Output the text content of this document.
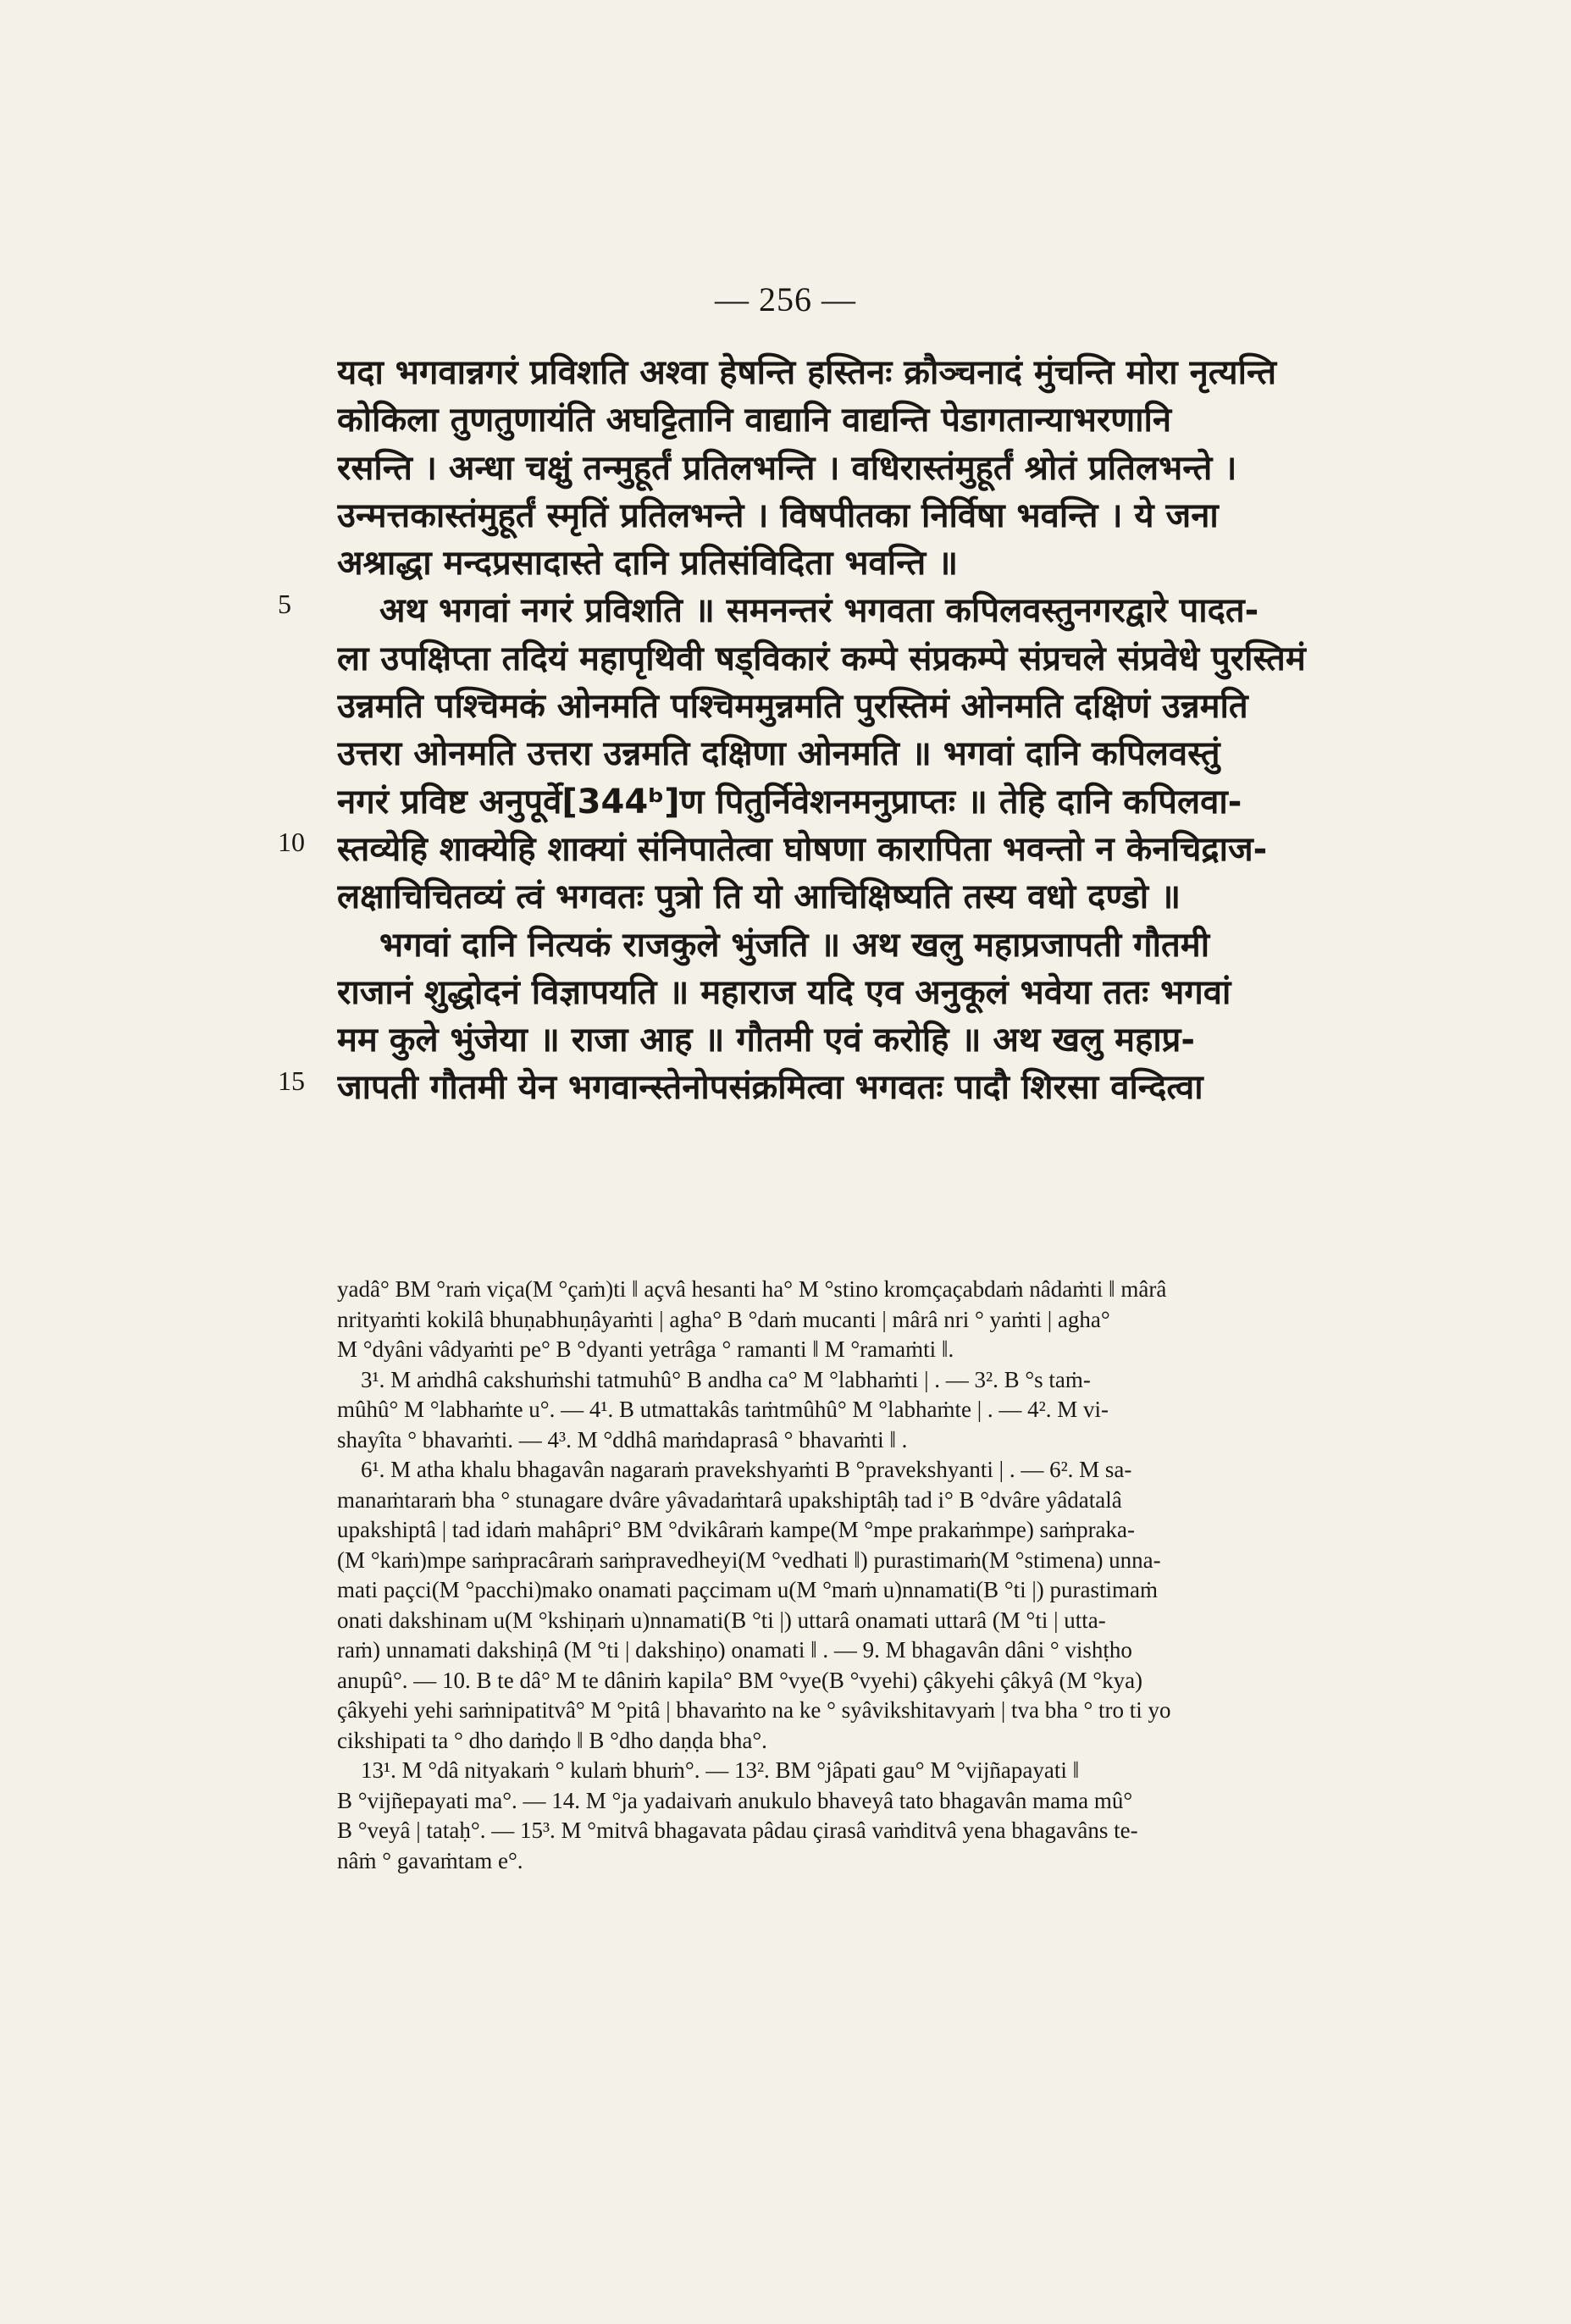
— 256 —
5
10
15
यदा भगवान्नगरं प्रविशति अश्वा हेषन्ति हस्तिनः क्रौञ्चनादं मुंचन्ति मोरा नृत्यन्ति
कोकिला तुणतुणायंति अघट्टितानि वाद्यानि वाद्यन्ति पेडागतान्याभरणानि
रसन्ति । अन्धा चक्षुं तन्मुहूर्तं प्रतिलभन्ति । वधिरास्तंमुहूर्तं श्रोतं प्रतिलभन्ते ।
उन्मत्तकास्तंमुहूर्तं स्मृतिं प्रतिलभन्ते । विषपीतका निर्विषा भवन्ति । ये जना
अश्राद्धा मन्दप्रसादास्ते दानि प्रतिसंविदिता भवन्ति ॥
अथ भगवां नगरं प्रविशति ॥ समनन्तरं भगवता कपिलवस्तुनगरद्वारे पादत-
ला उपक्षिप्ता तदियं महापृथिवी षड्विकारं कम्पे संप्रकम्पे संप्रचले संप्रवेधे पुरस्तिमं
उन्नमति पश्चिमकं ओनमति पश्चिममुन्नमति पुरस्तिमं ओनमति दक्षिणं उन्नमति
उत्तरा ओनमति उत्तरा उन्नमति दक्षिणा ओनमति ॥ भगवां दानि कपिलवस्तुं
नगरं प्रविष्ट अनुपूर्वे[344ᵇ]ण पितुर्निवेशनमनुप्राप्तः ॥ तेहि दानि कपिलवा-
स्तव्येहि शाक्येहि शाक्यां संनिपातेत्वा घोषणा कारापिता भवन्तो न केनचिद्राज-
लक्षाचिचितव्यं त्वं भगवतः पुत्रो ति यो आचिक्षिष्यति तस्य वधो दण्डो ॥
भगवां दानि नित्यकं राजकुले भुंजति ॥ अथ खलु महाप्रजापती गौतमी
राजानं शुद्धोदनं विज्ञापयति ॥ महाराज यदि एव अनुकूलं भवेया ततः भगवां
मम कुले भुंजेया ॥ राजा आह ॥ गौतमी एवं करोहि ॥ अथ खलु महाप्र-
जापती गौतमी येन भगवान्स्तेनोपसंक्रमित्वा भगवतः पादौ शिरसा वन्दित्वा
yadâ° BM °raṁ viça(M °çaṁ)ti ‖ açvâ hesanti ha° M °stino kromçaçabdaṁ nâdaṁti ‖ mârâ
nrityaṁti kokilâ bhuṇabhuṇâyaṁti | agha° B °daṁ mucanti | mârâ nri ° yaṁti | agha°
M °dyâni vâdyaṁti pe° B °dyanti yetrâga ° ramanti ‖ M °ramaṁti ‖.
3¹. M aṁdhâ cakshuṁshi tatmuhû° B andha ca° M °labhaṁti | . — 3². B °s taṁ-
mûhû° M °labhaṁte u°. — 4¹. B utmattakâs taṁtmûhû° M °labhaṁte | . — 4². M vi-
shayîta ° bhavaṁti. — 4³. M °ddhâ maṁdaprasâ ° bhavaṁti ‖ .
6¹. M atha khalu bhagavân nagaraṁ pravekshyaṁti B °pravekshyanti | . — 6². M sa-
manaṁtaraṁ bha ° stunagare dvâre yâvadaṁtarâ upakshiptâḥ tad i° B °dvâre yâdatalâ
upakshiptâ | tad idaṁ mahâpri° BM °dvikâraṁ kampe(M °mpe prakaṁmpe) saṁpraka-
(M °kaṁ)mpe saṁpracâraṁ saṁpravedheyi(M °vedhati ‖) purastimaṁ(M °stimena) unna-
mati paçci(M °pacchi)mako onamati paçcimam u(M °maṁ u)nnamati(B °ti |) purastimaṁ
onati dakshinam u(M °kshiṇaṁ u)nnamati(B °ti |) uttarâ onamati uttarâ (M °ti | utta-
raṁ) unnamati dakshiṇâ (M °ti | dakshiṇo) onamati ‖ . — 9. M bhagavân dâni ° vishṭho
anupû°. — 10. B te dâ° M te dâniṁ kapila° BM °vye(B °vyehi) çâkyehi çâkyâ (M °kya)
çâkyehi yehi saṁnipatitvâ° M °pitâ | bhavaṁto na ke ° syâvikshitavyaṁ | tva bha ° tro ti yo
cikshipati ta ° dho daṁḍo ‖ B °dho daṇḍa bha°.
13¹. M °dâ nityakaṁ ° kulaṁ bhuṁ°. — 13². BM °jâpati gau° M °vijñapayati ‖
B °vijñepayati ma°. — 14. M °ja yadaivaṁ anukulo bhaveyâ tato bhagavân mama mû°
B °veyâ | tataḥ°. — 15³. M °mitvâ bhagavata pâdau çirasâ vaṁditvâ yena bhagavâns te-
nâṁ ° gavaṁtam e°.
